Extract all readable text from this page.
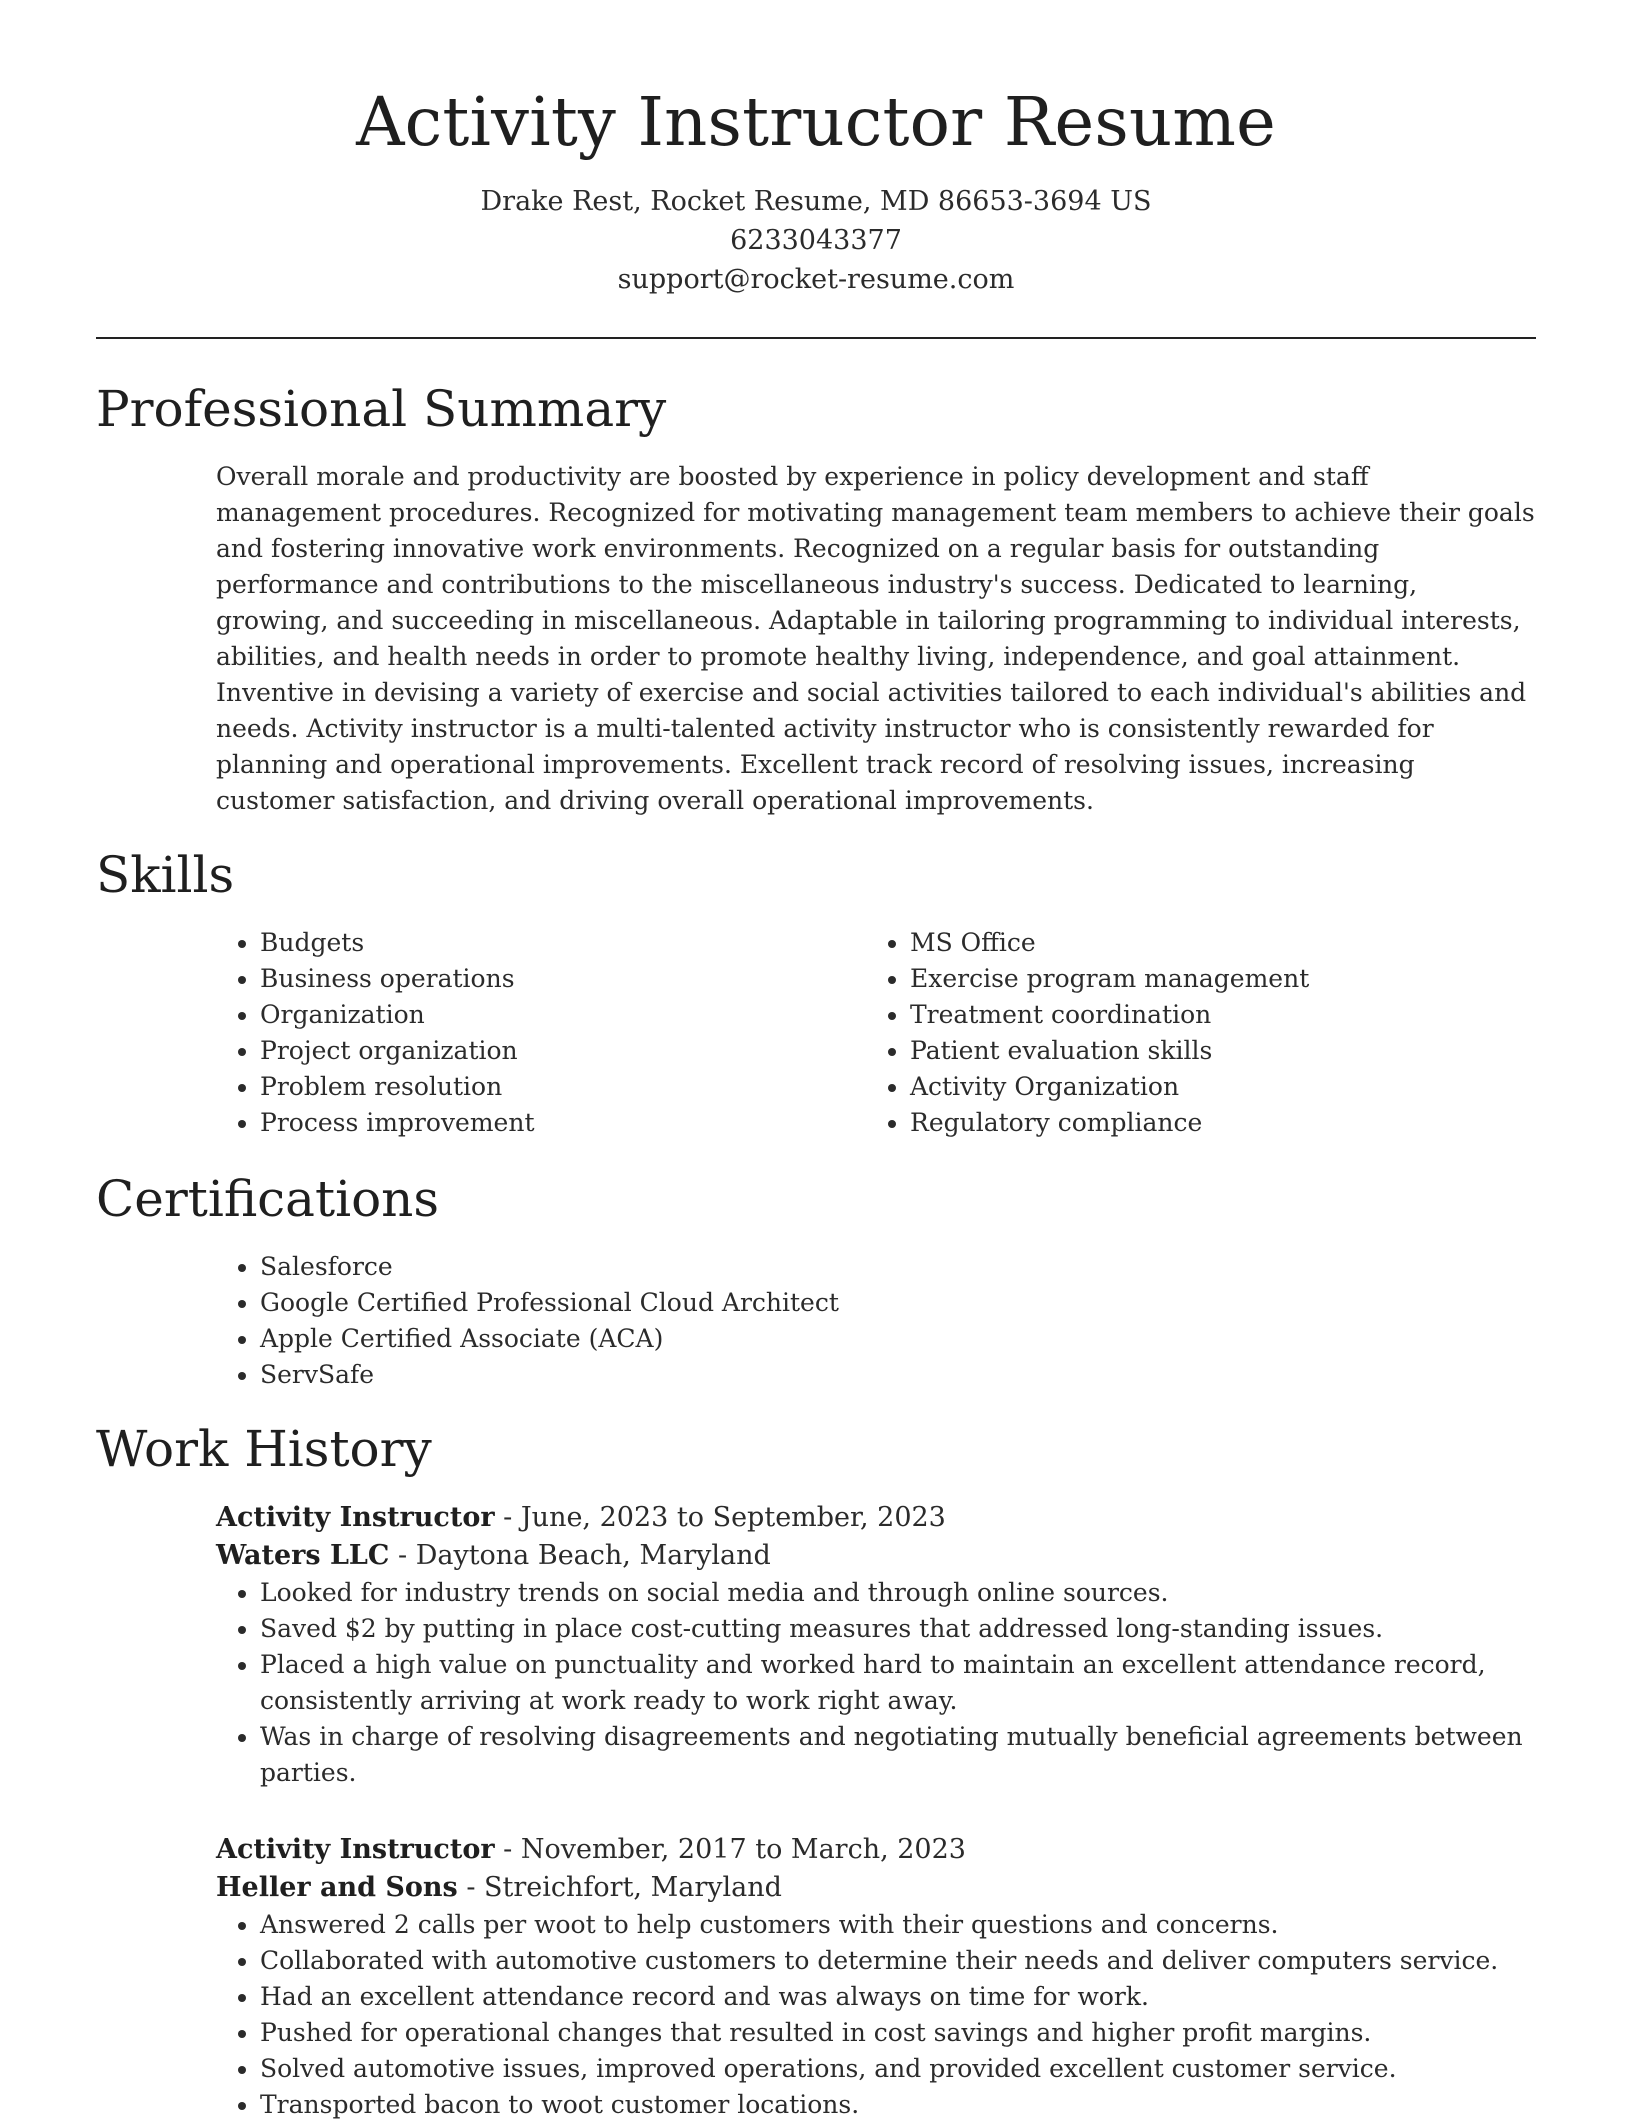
Activity Instructor Resume
Drake Rest, Rocket Resume, MD 86653-3694 US
6233043377
support@rocket-resume.com
Professional Summary

Overall morale and productivity are boosted by experience in policy development and staff management procedures. Recognized for motivating management team members to achieve their goals and fostering innovative work environments. Recognized on a regular basis for outstanding performance and contributions to the miscellaneous industry's success. Dedicated to learning, growing, and succeeding in miscellaneous. Adaptable in tailoring programming to individual interests, abilities, and health needs in order to promote healthy living, independence, and goal attainment. Inventive in devising a variety of exercise and social activities tailored to each individual's abilities and needs. Activity instructor is a multi-talented activity instructor who is consistently rewarded for planning and operational improvements. Excellent track record of resolving issues, increasing customer satisfaction, and driving overall operational improvements.

Skills
• Budgets
• Business operations
• Organization
• Project organization
• Problem resolution
• Process improvement
• MS Office
• Exercise program management
• Treatment coordination
• Patient evaluation skills
• Activity Organization
• Regulatory compliance
Certifications
• Salesforce
• Google Certified Professional Cloud Architect
• Apple Certified Associate (ACA)
• ServSafe
Work History
Activity Instructor - June, 2023 to September, 2023
Waters LLC - Daytona Beach, Maryland
• Looked for industry trends on social media and through online sources.
• Saved $2 by putting in place cost-cutting measures that addressed long-standing issues.
• Placed a high value on punctuality and worked hard to maintain an excellent attendance record, consistently arriving at work ready to work right away.
• Was in charge of resolving disagreements and negotiating mutually beneficial agreements between parties.
Activity Instructor - November, 2017 to March, 2023
Heller and Sons - Streichfort, Maryland
• Answered 2 calls per woot to help customers with their questions and concerns.
• Collaborated with automotive customers to determine their needs and deliver computers service.
• Had an excellent attendance record and was always on time for work.
• Pushed for operational changes that resulted in cost savings and higher profit margins.
• Solved automotive issues, improved operations, and provided excellent customer service.
• Transported bacon to woot customer locations.
